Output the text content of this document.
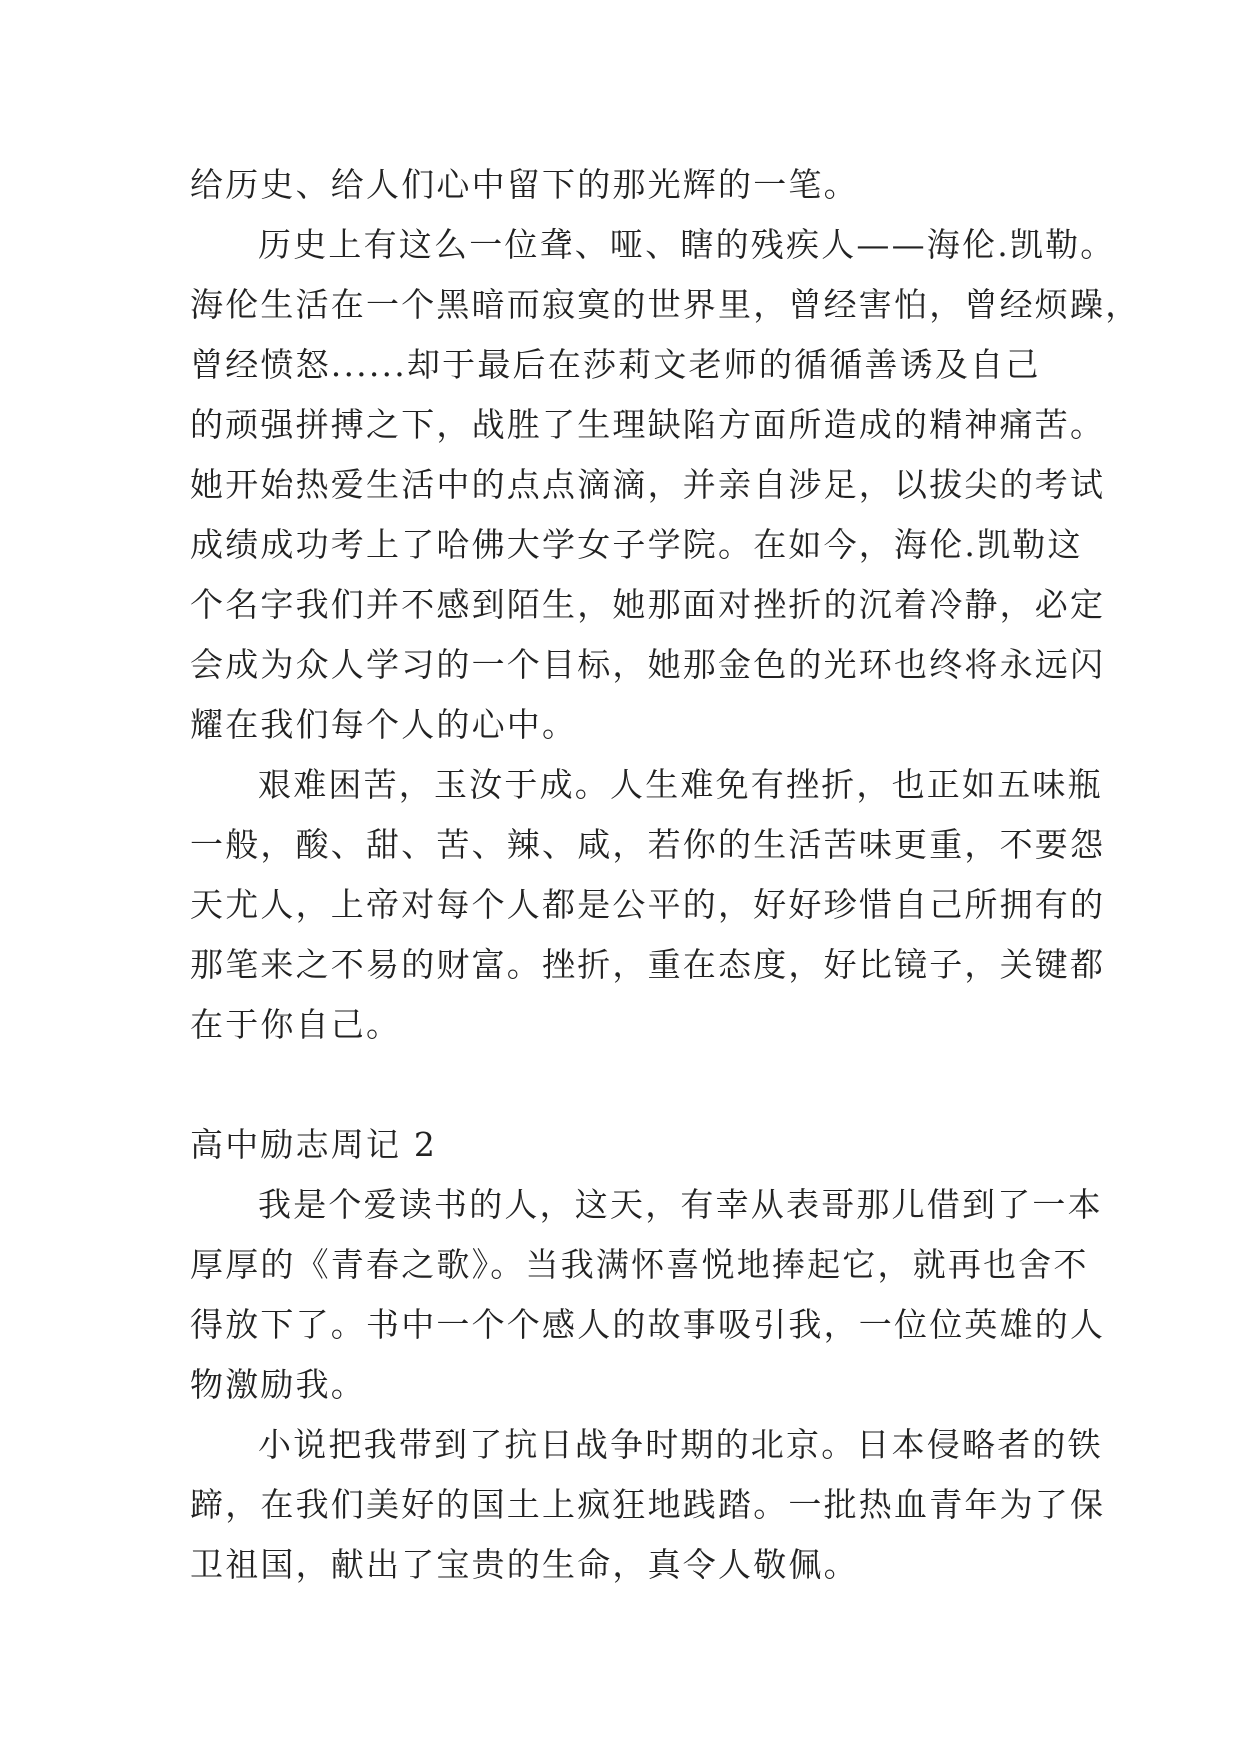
给历史、给人们心中留下的那光辉的一笔。
历史上有这么一位聋、哑、瞎的残疾人——海伦.凯勒。
海伦生活在一个黑暗而寂寞的世界里，曾经害怕，曾经烦躁，
曾经愤怒......却于最后在莎莉文老师的循循善诱及自己
的顽强拼搏之下，战胜了生理缺陷方面所造成的精神痛苦。
她开始热爱生活中的点点滴滴，并亲自涉足，以拔尖的考试
成绩成功考上了哈佛大学女子学院。在如今，海伦.凯勒这
个名字我们并不感到陌生，她那面对挫折的沉着冷静，必定
会成为众人学习的一个目标，她那金色的光环也终将永远闪
耀在我们每个人的心中。
艰难困苦，玉汝于成。人生难免有挫折，也正如五味瓶
一般，酸、甜、苦、辣、咸，若你的生活苦味更重，不要怨
天尤人，上帝对每个人都是公平的，好好珍惜自己所拥有的
那笔来之不易的财富。挫折，重在态度，好比镜子，关键都
在于你自己。
高中励志周记 2
我是个爱读书的人，这天，有幸从表哥那儿借到了一本
厚厚的《青春之歌》。当我满怀喜悦地捧起它，就再也舍不
得放下了。书中一个个感人的故事吸引我，一位位英雄的人
物激励我。
小说把我带到了抗日战争时期的北京。日本侵略者的铁
蹄，在我们美好的国土上疯狂地践踏。一批热血青年为了保
卫祖国，献出了宝贵的生命，真令人敬佩。
